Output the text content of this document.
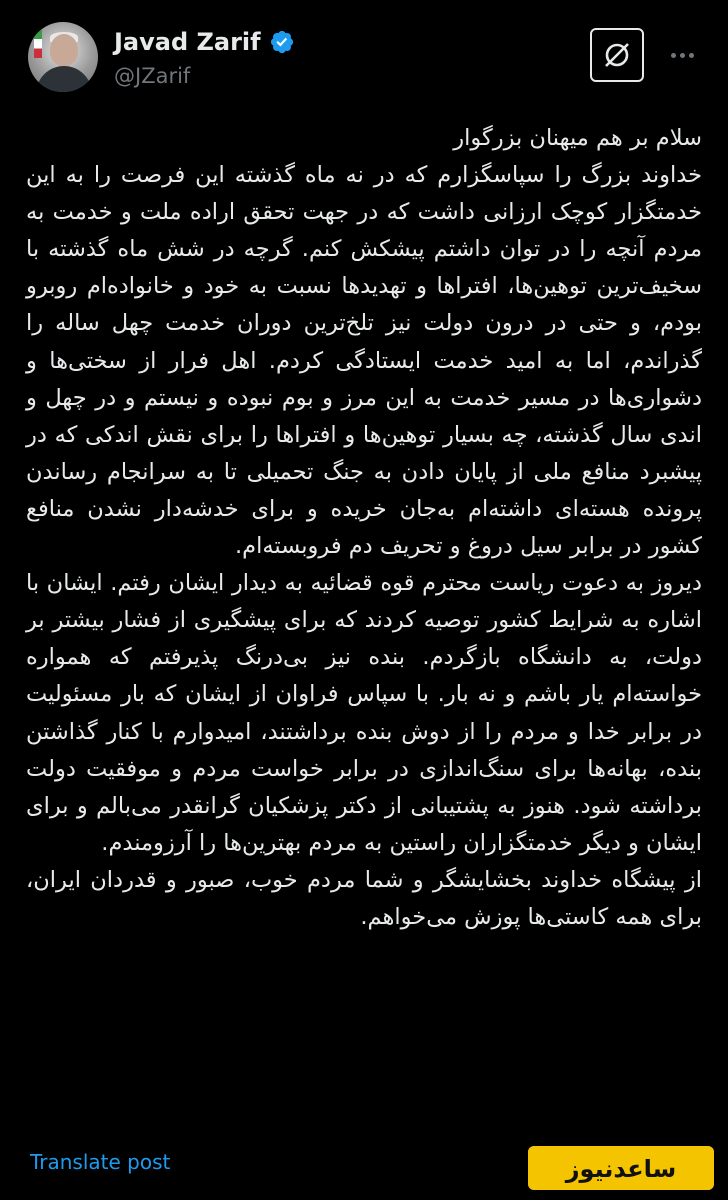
Javad Zarif
@JZarif
سلام بر هم میهنان بزرگوار
خداوند بزرگ را سپاسگزارم که در نه ماه گذشته این فرصت را به این خدمتگزار کوچک ارزانی داشت که در جهت تحقق اراده ملت و خدمت به مردم آنچه را در توان داشتم پیشکش کنم. گرچه در شش ماه گذشته با سخیف‌ترین توهین‌ها، افتراها و تهدیدها نسبت به خود و خانواده‌ام روبرو بودم، و حتی در درون دولت نیز تلخ‌ترین دوران خدمت چهل ساله را گذراندم، اما به امید خدمت ایستادگی کردم. اهل فرار از سختی‌ها و دشواری‌ها در مسیر خدمت به این مرز و بوم نبوده و نیستم و در چهل و اندی سال گذشته، چه بسیار توهین‌ها و افتراها را برای نقش اندکی که در پیشبرد منافع ملی از پایان دادن به جنگ تحمیلی تا به سرانجام رساندن پرونده هسته‌ای داشته‌ام به‌جان خریده و برای خدشه‌دار نشدن منافع کشور در برابر سیل دروغ و تحریف دم فروبسته‌ام.
دیروز به دعوت ریاست محترم قوه قضائیه به دیدار ایشان رفتم. ایشان با اشاره به شرایط کشور توصیه کردند که برای پیشگیری از فشار بیشتر بر دولت، به دانشگاه بازگردم. بنده نیز بی‌درنگ پذیرفتم که همواره خواسته‌ام یار باشم و نه بار. با سپاس فراوان از ایشان که بار مسئولیت در برابر خدا و مردم را از دوش بنده برداشتند، امیدوارم با کنار گذاشتن بنده، بهانه‌ها برای سنگ‌اندازی در برابر خواست مردم و موفقیت دولت برداشته شود. هنوز به پشتیبانی از دکتر پزشکیان گرانقدر می‌بالم و برای ایشان و دیگر خدمتگزاران راستین به مردم بهترین‌ها را آرزومندم.
از پیشگاه خداوند بخشایشگر و شما مردم خوب، صبور و قدردان ایران، برای همه کاستی‌ها پوزش می‌خواهم.
Translate post	ساعدنیوز
